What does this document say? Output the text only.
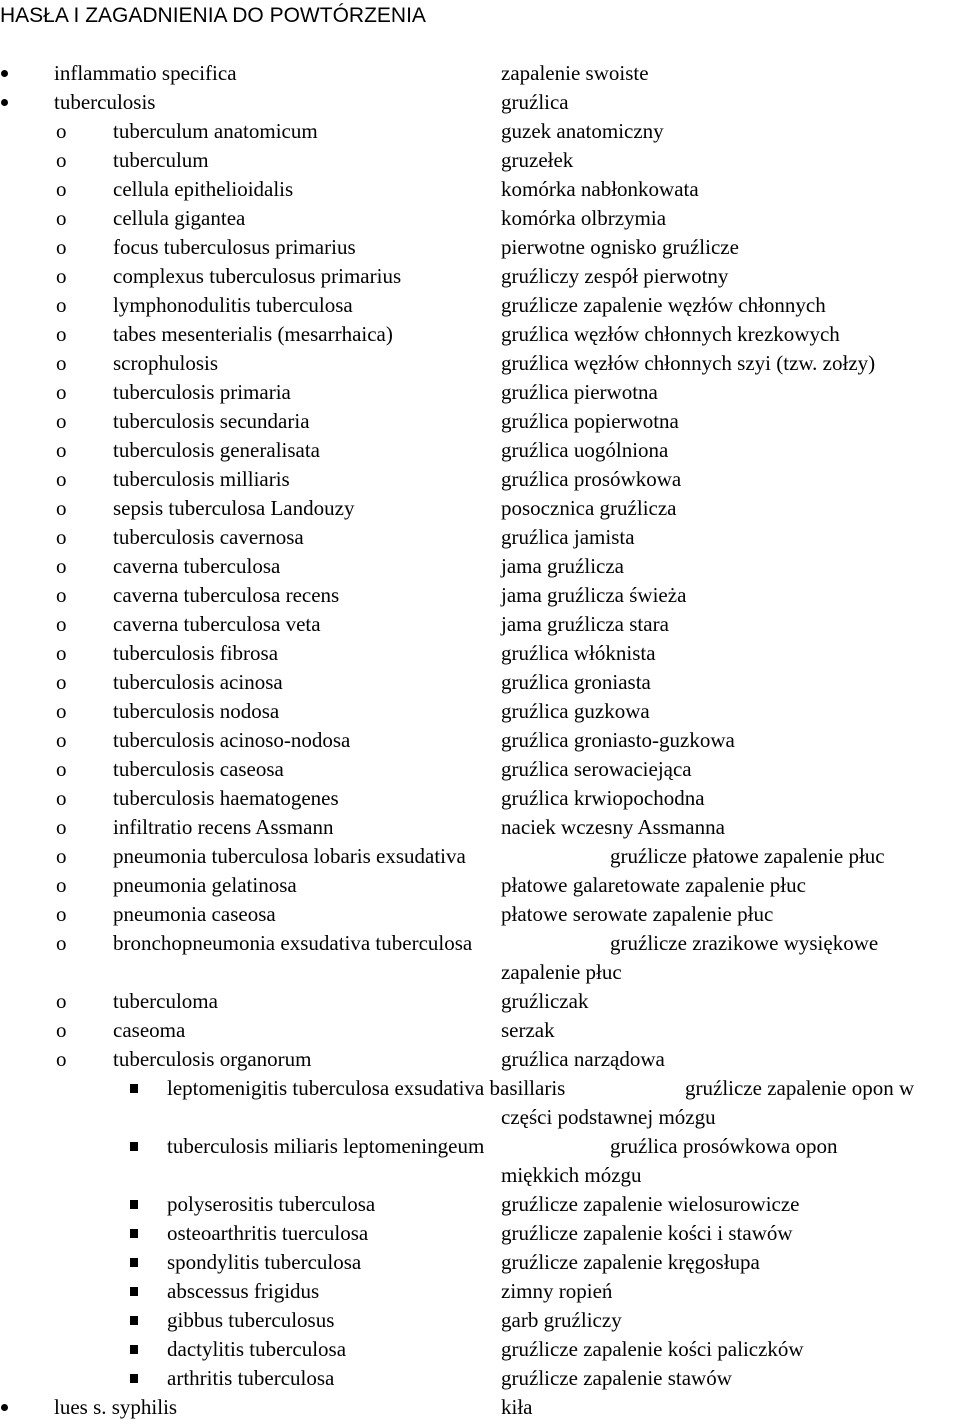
HASŁA I ZAGADNIENIA DO POWTÓRZENIA
inflammatio specifica	zapalenie swoiste
tuberculosis	gruźlica
o tuberculum anatomicum	guzek anatomiczny
o tuberculum	gruzełek
o cellula epithelioidalis	komórka nabłonkowata
o cellula gigantea	komórka olbrzymia
o focus tuberculosus primarius	pierwotne ognisko gruźlicze
o complexus tuberculosus primarius	gruźliczy zespół pierwotny
o lymphonodulitis tuberculosa	gruźlicze zapalenie węzłów chłonnych
o tabes mesenterialis (mesarrhaica)	gruźlica węzłów chłonnych krezkowych
o scrophulosis	gruźlica węzłów chłonnych szyi (tzw. zołzy)
o tuberculosis primaria	gruźlica pierwotna
o tuberculosis secundaria	gruźlica popierwotna
o tuberculosis generalisata	gruźlica uogólniona
o tuberculosis milliaris	gruźlica prosówkowa
o sepsis tuberculosa Landouzy	posocznica gruźlicza
o tuberculosis cavernosa	gruźlica jamista
o caverna tuberculosa	jama gruźlicza
o caverna tuberculosa recens	jama gruźlicza świeża
o caverna tuberculosa veta	jama gruźlicza stara
o tuberculosis fibrosa	gruźlica włóknista
o tuberculosis acinosa	gruźlica groniasta
o tuberculosis nodosa	gruźlica guzkowa
o tuberculosis acinoso-nodosa	gruźlica groniasto-guzkowa
o tuberculosis caseosa	gruźlica serowaciejąca
o tuberculosis haematogenes	gruźlica krwiopochodna
o infiltratio recens Assmann	naciek wczesny Assmanna
o pneumonia tuberculosa lobaris exsudativa	gruźlicze płatowe zapalenie płuc
o pneumonia gelatinosa	płatowe galaretowate zapalenie płuc
o pneumonia caseosa	płatowe serowate zapalenie płuc
o bronchopneumonia exsudativa tuberculosa	gruźlicze zrazikowe wysiękowe
zapalenie płuc
o tuberculoma	gruźliczak
o caseoma	serzak
o tuberculosis organorum	gruźlica narządowa
leptomenigitis tuberculosa exsudativa basillaris	gruźlicze zapalenie opon w
części podstawnej mózgu
tuberculosis miliaris leptomeningeum	gruźlica prosówkowa opon
miękkich mózgu
polyserositis tuberculosa	gruźlicze zapalenie wielosurowicze
osteoarthritis tuerculosa	gruźlicze zapalenie kości i stawów
spondylitis tuberculosa	gruźlicze zapalenie kręgosłupa
abscessus frigidus	zimny ropień
gibbus tuberculosus	garb gruźliczy
dactylitis tuberculosa	gruźlicze zapalenie kości paliczków
arthritis tuberculosa	gruźlicze zapalenie stawów
lues s. syphilis	kiła
